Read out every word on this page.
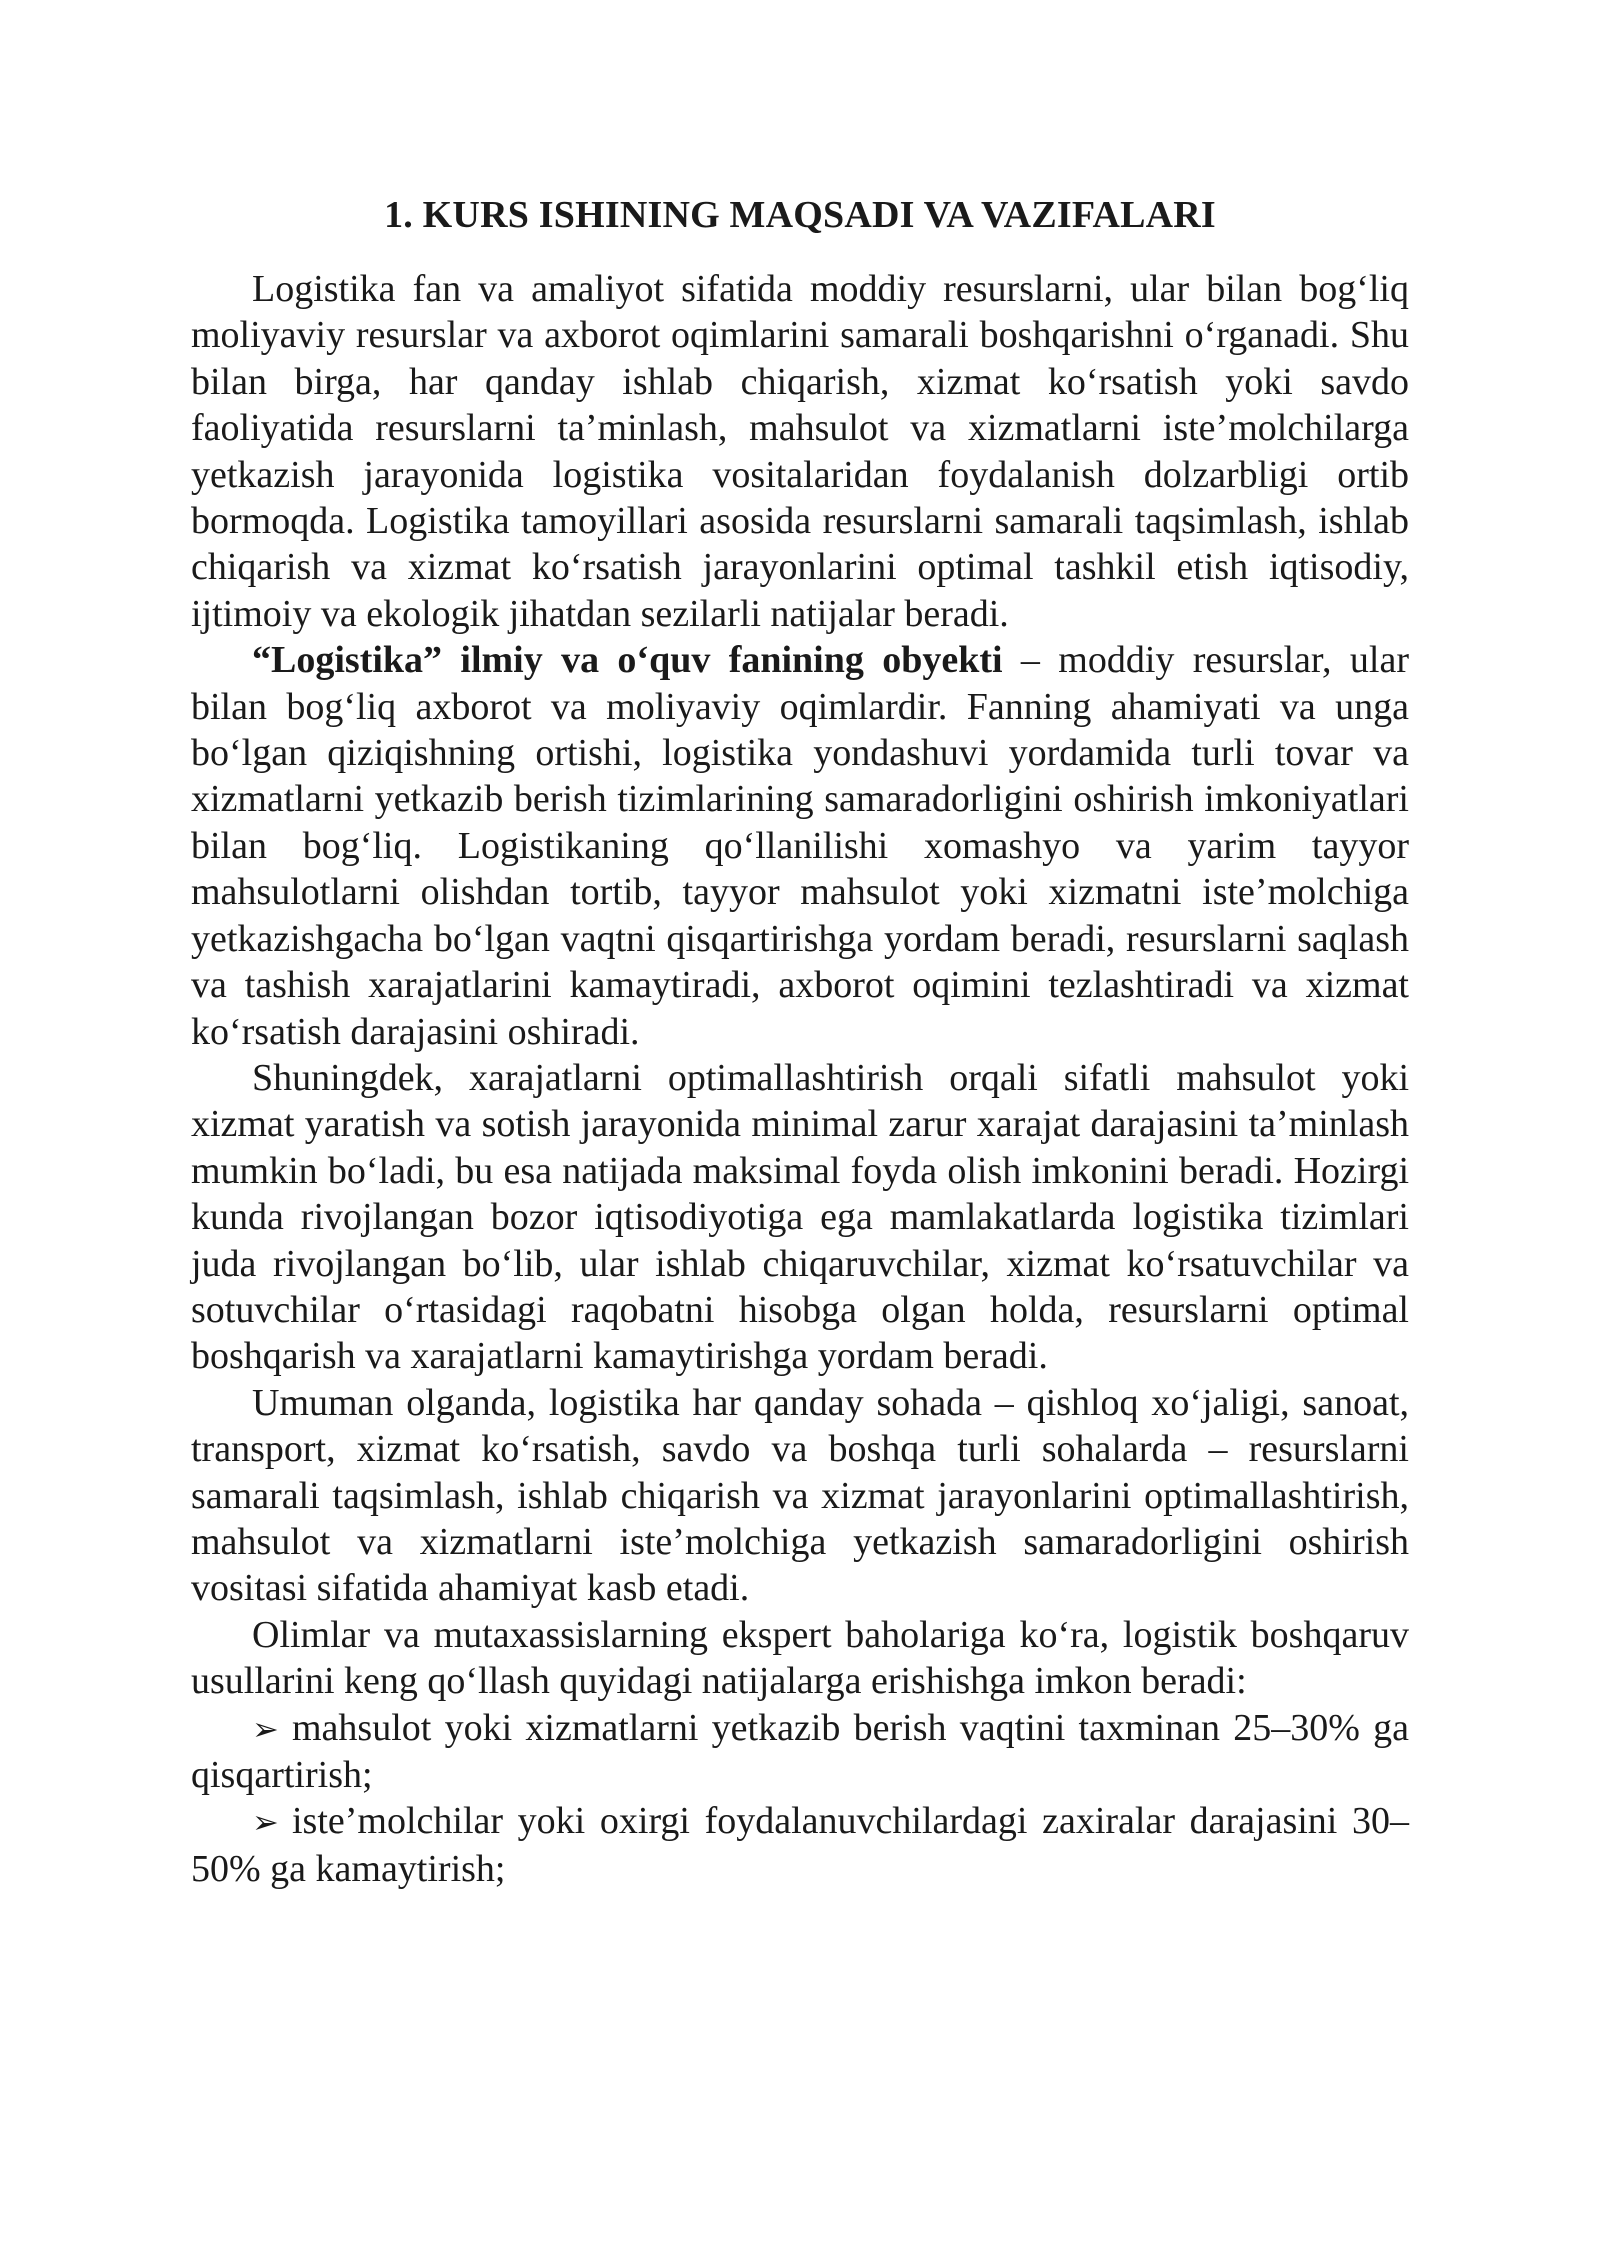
1. KURS ISHINING MAQSADI VA VAZIFALARI

Logistika fan va amaliyot sifatida moddiy resurslarni, ular bilan bog‘liq moliyaviy resurslar va axborot oqimlarini samarali boshqarishni o‘rganadi. Shu bilan birga, har qanday ishlab chiqarish, xizmat ko‘rsatish yoki savdo faoliyatida resurslarni ta’minlash, mahsulot va xizmatlarni iste’molchilarga yetkazish jarayonida logistika vositalaridan foydalanish dolzarbligi ortib bormoqda. Logistika tamoyillari asosida resurslarni samarali taqsimlash, ishlab chiqarish va xizmat ko‘rsatish jarayonlarini optimal tashkil etish iqtisodiy, ijtimoiy va ekologik jihatdan sezilarli natijalar beradi.

“Logistika” ilmiy va o‘quv fanining obyekti – moddiy resurslar, ular bilan bog‘liq axborot va moliyaviy oqimlardir. Fanning ahamiyati va unga bo‘lgan qiziqishning ortishi, logistika yondashuvi yordamida turli tovar va xizmatlarni yetkazib berish tizimlarining samaradorligini oshirish imkoniyatlari bilan bog‘liq. Logistikaning qo‘llanilishi xomashyo va yarim tayyor mahsulotlarni olishdan tortib, tayyor mahsulot yoki xizmatni iste’molchiga yetkazishgacha bo‘lgan vaqtni qisqartirishga yordam beradi, resurslarni saqlash va tashish xarajatlarini kamaytiradi, axborot oqimini tezlashtiradi va xizmat ko‘rsatish darajasini oshiradi.

Shuningdek, xarajatlarni optimallashtirish orqali sifatli mahsulot yoki xizmat yaratish va sotish jarayonida minimal zarur xarajat darajasini ta’minlash mumkin bo‘ladi, bu esa natijada maksimal foyda olish imkonini beradi. Hozirgi kunda rivojlangan bozor iqtisodiyotiga ega mamlakatlarda logistika tizimlari juda rivojlangan bo‘lib, ular ishlab chiqaruvchilar, xizmat ko‘rsatuvchilar va sotuvchilar o‘rtasidagi raqobatni hisobga olgan holda, resurslarni optimal boshqarish va xarajatlarni kamaytirishga yordam beradi.

Umuman olganda, logistika har qanday sohada – qishloq xo‘jaligi, sanoat, transport, xizmat ko‘rsatish, savdo va boshqa turli sohalarda – resurslarni samarali taqsimlash, ishlab chiqarish va xizmat jarayonlarini optimallashtirish, mahsulot va xizmatlarni iste’molchiga yetkazish samaradorligini oshirish vositasi sifatida ahamiyat kasb etadi.

Olimlar va mutaxassislarning ekspert baholariga ko‘ra, logistik boshqaruv usullarini keng qo‘llash quyidagi natijalarga erishishga imkon beradi:

➢ mahsulot yoki xizmatlarni yetkazib berish vaqtini taxminan 25–30% ga qisqartirish;

➢ iste’molchilar yoki oxirgi foydalanuvchilardagi zaxiralar darajasini 30–50% ga kamaytirish;
